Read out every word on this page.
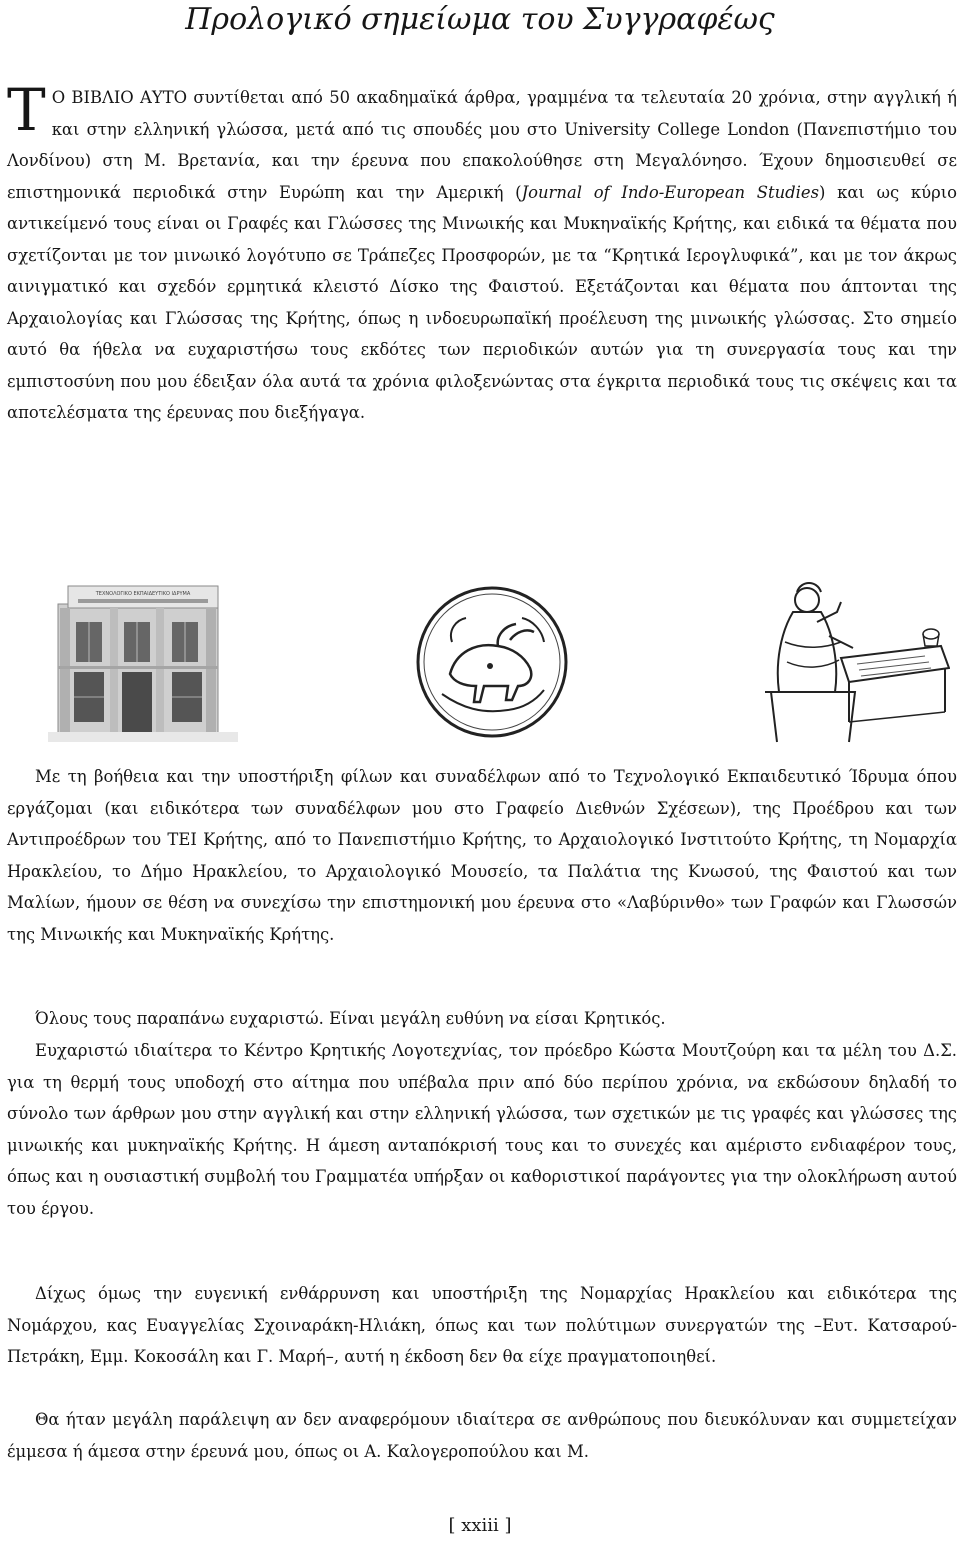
Προλογικό σημείωμα του Συγγραφέως
Τ Ο ΒΙΒΛΙΟ ΑΥΤΟ συντίθεται από 50 ακαδημαϊκά άρθρα, γραμμένα τα τελευταία 20 χρόνια, στην αγγλική ή και στην ελληνική γλώσσα, μετά από τις σπουδές μου στο University College London (Πανεπιστήμιο του Λονδίνου) στη Μ. Βρετανία, και την έρευνα που επακολούθησε στη Μεγαλόνησο. Έχουν δημοσιευθεί σε επιστημονικά περιοδικά στην Ευρώπη και την Αμερική (Journal of Indo-European Studies) και ως κύριο αντικείμενό τους είναι οι Γραφές και Γλώσσες της Μινωικής και Μυκηναϊκής Κρήτης, και ειδικά τα θέματα που σχετίζονται με τον μινωικό λογότυπο σε Τράπεζες Προσφορών, με τα “Κρητικά Ιερογλυφικά”, και με τον άκρως αινιγματικό και σχεδόν ερμητικά κλειστό Δίσκο της Φαιστού. Εξετάζονται και θέματα που άπτονται της Αρχαιολογίας και Γλώσσας της Κρήτης, όπως η ινδοευρωπαϊκή προέλευση της μινωικής γλώσσας. Στο σημείο αυτό θα ήθελα να ευχαριστήσω τους εκδότες των περιοδικών αυτών για τη συνεργασία τους και την εμπιστοσύνη που μου έδειξαν όλα αυτά τα χρόνια φιλοξενώντας στα έγκριτα περιοδικά τους τις σκέψεις και τα αποτελέσματα της έρευνας που διεξήγαγα.
ΤΕΧΝΟΛΟΓΙΚΟ ΕΚΠΑΙΔΕΥΤΙΚΟ ΙΔΡΥΜΑ
Με τη βοήθεια και την υποστήριξη φίλων και συναδέλφων από το Τεχνολογικό Εκπαιδευτικό Ίδρυμα όπου εργάζομαι (και ειδικότερα των συναδέλφων μου στο Γραφείο Διεθνών Σχέσεων), της Προέδρου και των Αντιπροέδρων του ΤΕΙ Κρήτης, από το Πανεπιστήμιο Κρήτης, το Αρχαιολογικό Ινστιτούτο Κρήτης, τη Νομαρχία Ηρακλείου, το Δήμο Ηρακλείου, το Αρχαιολογικό Μουσείο, τα Παλάτια της Κνωσού, της Φαιστού και των Μαλίων, ήμουν σε θέση να συνεχίσω την επιστημονική μου έρευνα στο «Λαβύρινθο» των Γραφών και Γλωσσών της Μινωικής και Μυκηναϊκής Κρήτης.
Όλους τους παραπάνω ευχαριστώ. Είναι μεγάλη ευθύνη να είσαι Κρητικός.
Ευχαριστώ ιδιαίτερα το Κέντρο Κρητικής Λογοτεχνίας, τον πρόεδρο Κώστα Μουτζούρη και τα μέλη του Δ.Σ. για τη θερμή τους υποδοχή στο αίτημα που υπέβαλα πριν από δύο περίπου χρόνια, να εκδώσουν δηλαδή το σύνολο των άρθρων μου στην αγγλική και στην ελληνική γλώσσα, των σχετικών με τις γραφές και γλώσσες της μινωικής και μυκηναϊκής Κρήτης. Η άμεση ανταπόκρισή τους και το συνεχές και αμέριστο ενδιαφέρον τους, όπως και η ουσιαστική συμβολή του Γραμματέα υπήρξαν οι καθοριστικοί παράγοντες για την ολοκλήρωση αυτού του έργου.
Δίχως όμως την ευγενική ενθάρρυνση και υποστήριξη της Νομαρχίας Ηρακλείου και ειδικότερα της Νομάρχου, κας Ευαγγελίας Σχοιναράκη-Ηλιάκη, όπως και των πολύτιμων συνεργατών της –Ευτ. Κατσαρού-Πετράκη, Εμμ. Κοκοσάλη και Γ. Μαρή–, αυτή η έκδοση δεν θα είχε πραγματοποιηθεί.
Θα ήταν μεγάλη παράλειψη αν δεν αναφερόμουν ιδιαίτερα σε ανθρώπους που διευκόλυναν και συμμετείχαν έμμεσα ή άμεσα στην έρευνά μου, όπως οι Α. Καλογεροπούλου και Μ.
[ xxiii ]
